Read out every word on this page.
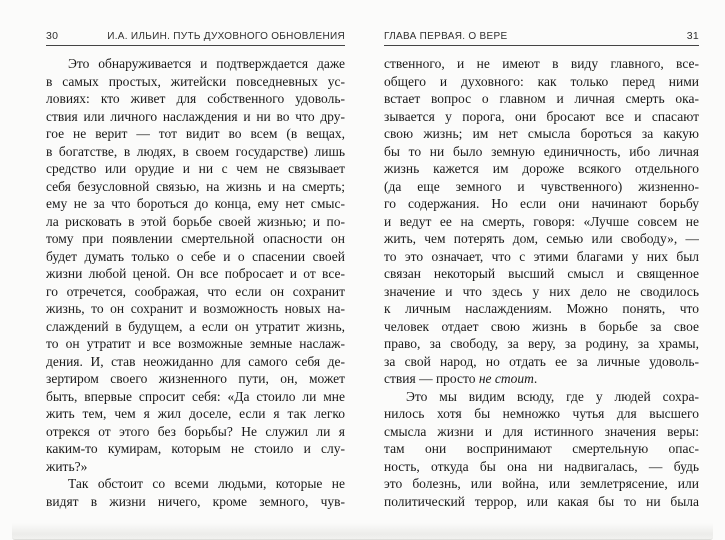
30	И.А. ИЛЬИН. ПУТЬ ДУХОВНОГО ОБНОВЛЕНИЯ
Это обнаруживается и подтверждается даже
в самых простых, житейски повседневных ус-
ловиях: кто живет для собственного удоволь-
ствия или личного наслаждения и ни во что дру-
гое не верит — тот видит во всем (в вещах,
в богатстве, в людях, в своем государстве) лишь
средство или орудие и ни с чем не связывает
себя безусловной связью, на жизнь и на смерть;
ему не за что бороться до конца, ему нет смыс-
ла рисковать в этой борьбе своей жизнью; и по-
тому при появлении смертельной опасности он
будет думать только о себе и о спасении своей
жизни любой ценой. Он все побросает и от все-
го отречется, соображая, что если он сохранит
жизнь, то он сохранит и возможность новых на-
слаждений в будущем, а если он утратит жизнь,
то он утратит и все возможные земные наслаж-
дения. И, став неожиданно для самого себя де-
зертиром своего жизненного пути, он, может
быть, впервые спросит себя: «Да стоило ли мне
жить тем, чем я жил доселе, если я так легко
отрекся от этого без борьбы? Не служил ли я
каким-то кумирам, которым не стоило и слу-
жить?»
Так обстоит со всеми людьми, которые не
видят в жизни ничего, кроме земного, чув-
ГЛАВА ПЕРВАЯ. О ВЕРЕ	31
ственного, и не имеют в виду главного, все-
общего и духовного: как только перед ними
встает вопрос о главном и личная смерть ока-
зывается у порога, они бросают все и спасают
свою жизнь; им нет смысла бороться за какую
бы то ни было земную единичность, ибо личная
жизнь кажется им дороже всякого отдельного
(да еще земного и чувственного) жизненно-
го содержания. Но если они начинают борьбу
и ведут ее на смерть, говоря: «Лучше совсем не
жить, чем потерять дом, семью или свободу», —
то это означает, что с этими благами у них был
связан некоторый высший смысл и священное
значение и что здесь у них дело не сводилось
к личным наслаждениям. Можно понять, что
человек отдает свою жизнь в борьбе за свое
право, за свободу, за веру, за родину, за храмы,
за свой народ, но отдать ее за личные удоволь-
ствия — просто не стоит.
Это мы видим всюду, где у людей сохра-
нилось хотя бы немножко чутья для высшего
смысла жизни и для истинного значения веры:
там они воспринимают смертельную опас-
ность, откуда бы она ни надвигалась, — будь
это болезнь, или война, или землетрясение, или
политический террор, или какая бы то ни была
